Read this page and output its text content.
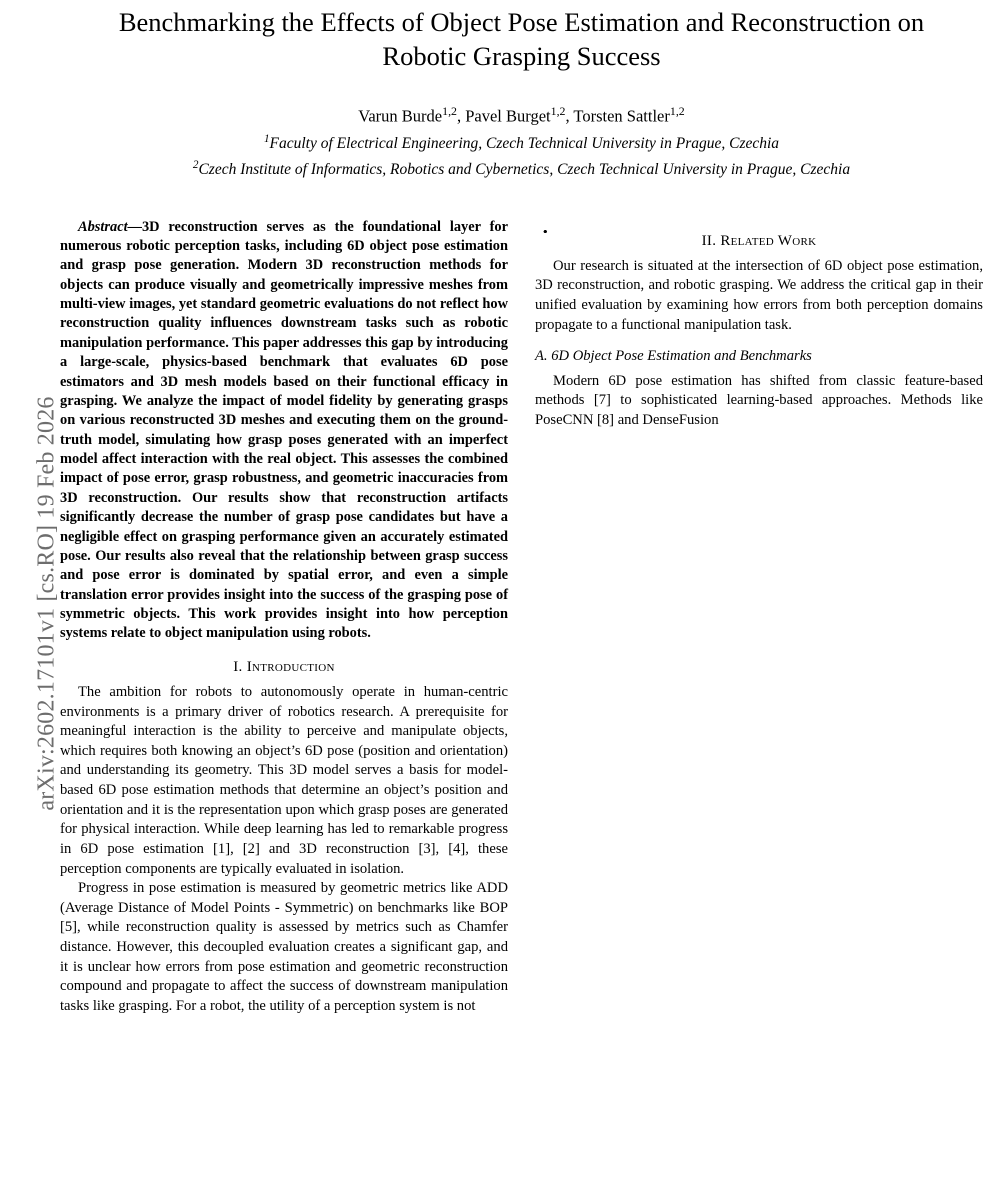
arXiv:2602.17101v1 [cs.RO] 19 Feb 2026
Benchmarking the Effects of Object Pose Estimation and Reconstruction on Robotic Grasping Success
Varun Burde$^{1,2}$, Pavel Burget$^{1,2}$, Torsten Sattler$^{1,2}$
$^1$Faculty of Electrical Engineering, Czech Technical University in Prague, Czechia
$^2$Czech Institute of Informatics, Robotics and Cybernetics, Czech Technical University in Prague, Czechia

Abstract—3D reconstruction serves as the foundational layer for numerous robotic perception tasks, including 6D object pose estimation and grasp pose generation. Modern 3D reconstruction methods for objects can produce visually and geometrically impressive meshes from multi-view images, yet standard geometric evaluations do not reflect how reconstruction quality influences downstream tasks such as robotic manipulation performance. This paper addresses this gap by introducing a large-scale, physics-based benchmark that evaluates 6D pose estimators and 3D mesh models based on their functional efficacy in grasping. We analyze the impact of model fidelity by generating grasps on various reconstructed 3D meshes and executing them on the ground-truth model, simulating how grasp poses generated with an imperfect model affect interaction with the real object. This assesses the combined impact of pose error, grasp robustness, and geometric inaccuracies from 3D reconstruction. Our results show that reconstruction artifacts significantly decrease the number of grasp pose candidates but have a negligible effect on grasping performance given an accurately estimated pose. Our results also reveal that the relationship between grasp success and pose error is dominated by spatial error, and even a simple translation error provides insight into the success of the grasping pose of symmetric objects. This work provides insight into how perception systems relate to object manipulation using robots.

I. Introduction

The ambition for robots to autonomously operate in human-centric environments is a primary driver of robotics research. A prerequisite for meaningful interaction is the ability to perceive and manipulate objects, which requires both knowing an object’s 6D pose (position and orientation) and understanding its geometry. This 3D model serves a basis for model-based 6D pose estimation methods that determine an object’s position and orientation and it is the representation upon which grasp poses are generated for physical interaction. While deep learning has led to remarkable progress in 6D pose estimation [1], [2] and 3D reconstruction [3], [4], these perception components are typically evaluated in isolation.

Progress in pose estimation is measured by geometric metrics like ADD (Average Distance of Model Points - Symmetric) on benchmarks like BOP [5], while reconstruction quality is assessed by metrics such as Chamfer distance. However, this decoupled evaluation creates a significant gap, and it is unclear how errors from pose estimation and geometric reconstruction compound and propagate to affect the success of downstream manipulation tasks like grasping. For a robot, the utility of a perception system is not

II. Related Work

Our research is situated at the intersection of 6D object pose estimation, 3D reconstruction, and robotic grasping. We address the critical gap in their unified evaluation by examining how errors from both perception domains propagate to a functional manipulation task.

A. 6D Object Pose Estimation and Benchmarks

Modern 6D pose estimation has shifted from classic feature-based methods [7] to sophisticated learning-based approaches. Methods like PoseCNN [8] and DenseFusion
